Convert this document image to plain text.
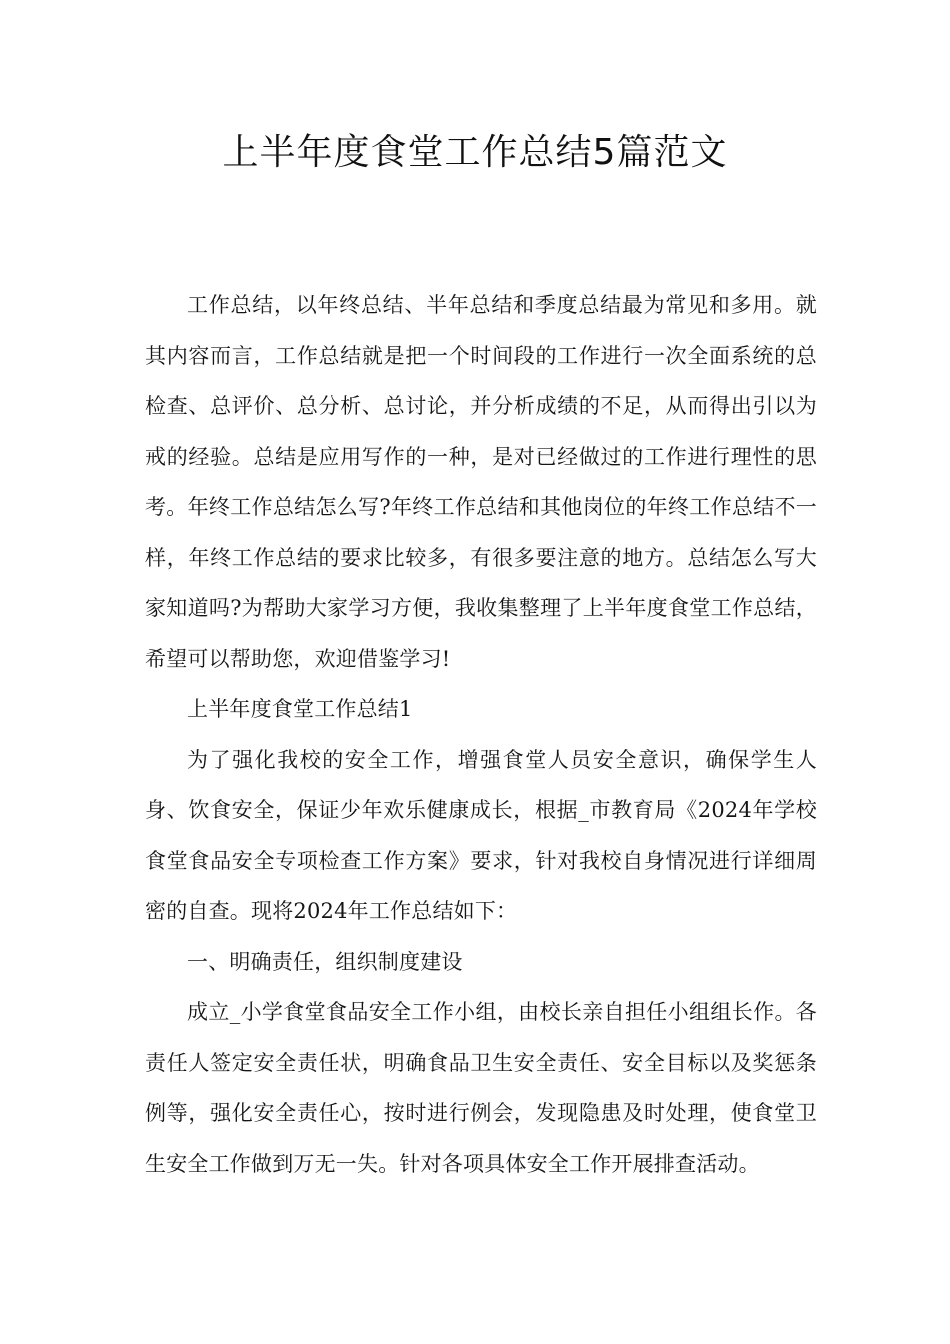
上半年度食堂工作总结5篇范文

工作总结，以年终总结、半年总结和季度总结最为常见和多用。就其内容而言，工作总结就是把一个时间段的工作进行一次全面系统的总检查、总评价、总分析、总讨论，并分析成绩的不足，从而得出引以为戒的经验。总结是应用写作的一种，是对已经做过的工作进行理性的思考。年终工作总结怎么写?年终工作总结和其他岗位的年终工作总结不一样，年终工作总结的要求比较多，有很多要注意的地方。总结怎么写大家知道吗?为帮助大家学习方便，我收集整理了上半年度食堂工作总结，希望可以帮助您，欢迎借鉴学习!

上半年度食堂工作总结1

为了强化我校的安全工作，增强食堂人员安全意识，确保学生人身、饮食安全，保证少年欢乐健康成长，根据_市教育局《2024年学校食堂食品安全专项检查工作方案》要求，针对我校自身情况进行详细周密的自查。现将2024年工作总结如下：

一、明确责任，组织制度建设

成立_小学食堂食品安全工作小组，由校长亲自担任小组组长作。各责任人签定安全责任状，明确食品卫生安全责任、安全目标以及奖惩条例等，强化安全责任心，按时进行例会，发现隐患及时处理，使食堂卫生安全工作做到万无一失。针对各项具体安全工作开展排查活动。
